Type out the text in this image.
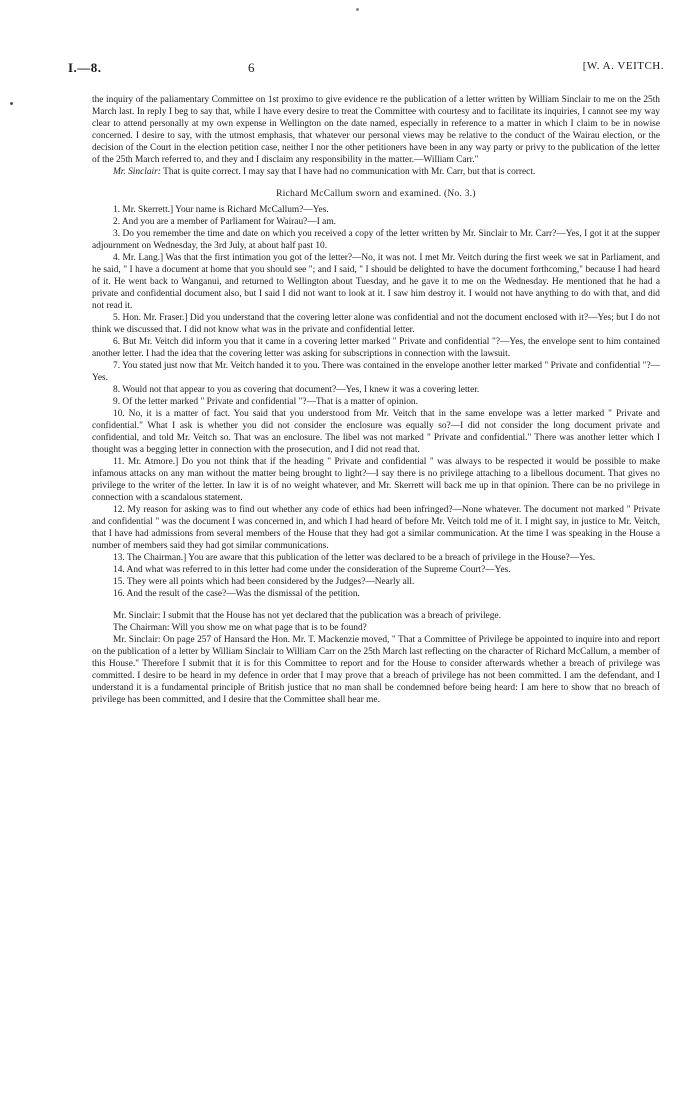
I.—8.	6	[W. A. VEITCH.

the inquiry of the paliamentary Committee on 1st proximo to give evidence re the publication of a letter written by William Sinclair to me on the 25th March last. In reply I beg to say that, while I have every desire to treat the Committee with courtesy and to facilitate its inquiries, I cannot see my way clear to attend personally at my own expense in Wellington on the date named, especially in reference to a matter in which I claim to be in nowise concerned. I desire to say, with the utmost emphasis, that whatever our personal views may be relative to the conduct of the Wairau election, or the decision of the Court in the election petition case, neither I nor the other petitioners have been in any way party or privy to the publication of the letter of the 25th March referred to, and they and I disclaim any responsibility in the matter.—William Carr."

Mr. Sinclair: That is quite correct. I may say that I have had no communication with Mr. Carr, but that is correct.

Richard McCallum sworn and examined. (No. 3.)

1. Mr. Skerrett.] Your name is Richard McCallum?—Yes.

2. And you are a member of Parliament for Wairau?—I am.

3. Do you remember the time and date on which you received a copy of the letter written by Mr. Sinclair to Mr. Carr?—Yes, I got it at the supper adjournment on Wednesday, the 3rd July, at about half past 10.

4. Mr. Lang.] Was that the first intimation you got of the letter?—No, it was not. I met Mr. Veitch during the first week we sat in Parliament, and he said, " I have a document at home that you should see "; and I said, " I should be delighted to have the document forthcoming," because I had heard of it. He went back to Wanganui, and returned to Wellington about Tuesday, and he gave it to me on the Wednesday. He mentioned that he had a private and confidential document also, but I said I did not want to look at it. I saw him destroy it. I would not have anything to do with that, and did not read it.

5. Hon. Mr. Fraser.] Did you understand that the covering letter alone was confidential and not the document enclosed with it?—Yes; but I do not think we discussed that. I did not know what was in the private and confidential letter.

6. But Mr. Veitch did inform you that it came in a covering letter marked " Private and confidential "?—Yes, the envelope sent to him contained another letter. I had the idea that the covering letter was asking for subscriptions in connection with the lawsuit.

7. You stated just now that Mr. Veitch handed it to you. There was contained in the envelope another letter marked " Private and confidential "?—Yes.

8. Would not that appear to you as covering that document?—Yes, I knew it was a covering letter.

9. Of the letter marked " Private and confidential "?—That is a matter of opinion.

10. No, it is a matter of fact. You said that you understood from Mr. Veitch that in the same envelope was a letter marked " Private and confidential." What I ask is whether you did not consider the enclosure was equally so?—I did not consider the long document private and confidential, and told Mr. Veitch so. That was an enclosure. The libel was not marked " Private and confidential." There was another letter which I thought was a begging letter in connection with the prosecution, and I did not read that.

11. Mr. Atmore.] Do you not think that if the heading " Private and confidential " was always to be respected it would be possible to make infamous attacks on any man without the matter being brought to light?—I say there is no privilege attaching to a libellous document. That gives no privilege to the writer of the letter. In law it is of no weight whatever, and Mr. Skerrett will back me up in that opinion. There can be no privilege in connection with a scandalous statement.

12. My reason for asking was to find out whether any code of ethics had been infringed?—None whatever. The document not marked " Private and confidential " was the document I was concerned in, and which I had heard of before Mr. Veitch told me of it. I might say, in justice to Mr. Veitch, that I have had admissions from several members of the House that they had got a similar communication. At the time I was speaking in the House a number of members said they had got similar communications.

13. The Chairman.] You are aware that this publication of the letter was declared to be a breach of privilege in the House?—Yes.

14. And what was referred to in this letter had come under the consideration of the Supreme Court?—Yes.

15. They were all points which had been considered by the Judges?—Nearly all.

16. And the result of the case?—Was the dismissal of the petition.

Mr. Sinclair: I submit that the House has not yet declared that the publication was a breach of privilege.

The Chairman: Will you show me on what page that is to be found?

Mr. Sinclair: On page 257 of Hansard the Hon. Mr. T. Mackenzie moved, " That a Committee of Privilege be appointed to inquire into and report on the publication of a letter by William Sinclair to William Carr on the 25th March last reflecting on the character of Richard McCallum, a member of this House." Therefore I submit that it is for this Committee to report and for the House to consider afterwards whether a breach of privilege was committed. I desire to be heard in my defence in order that I may prove that a breach of privilege has not been committed. I am the defendant, and I understand it is a fundamental principle of British justice that no man shall be condemned before being heard: I am here to show that no breach of privilege has been committed, and I desire that the Committee shall hear me.
